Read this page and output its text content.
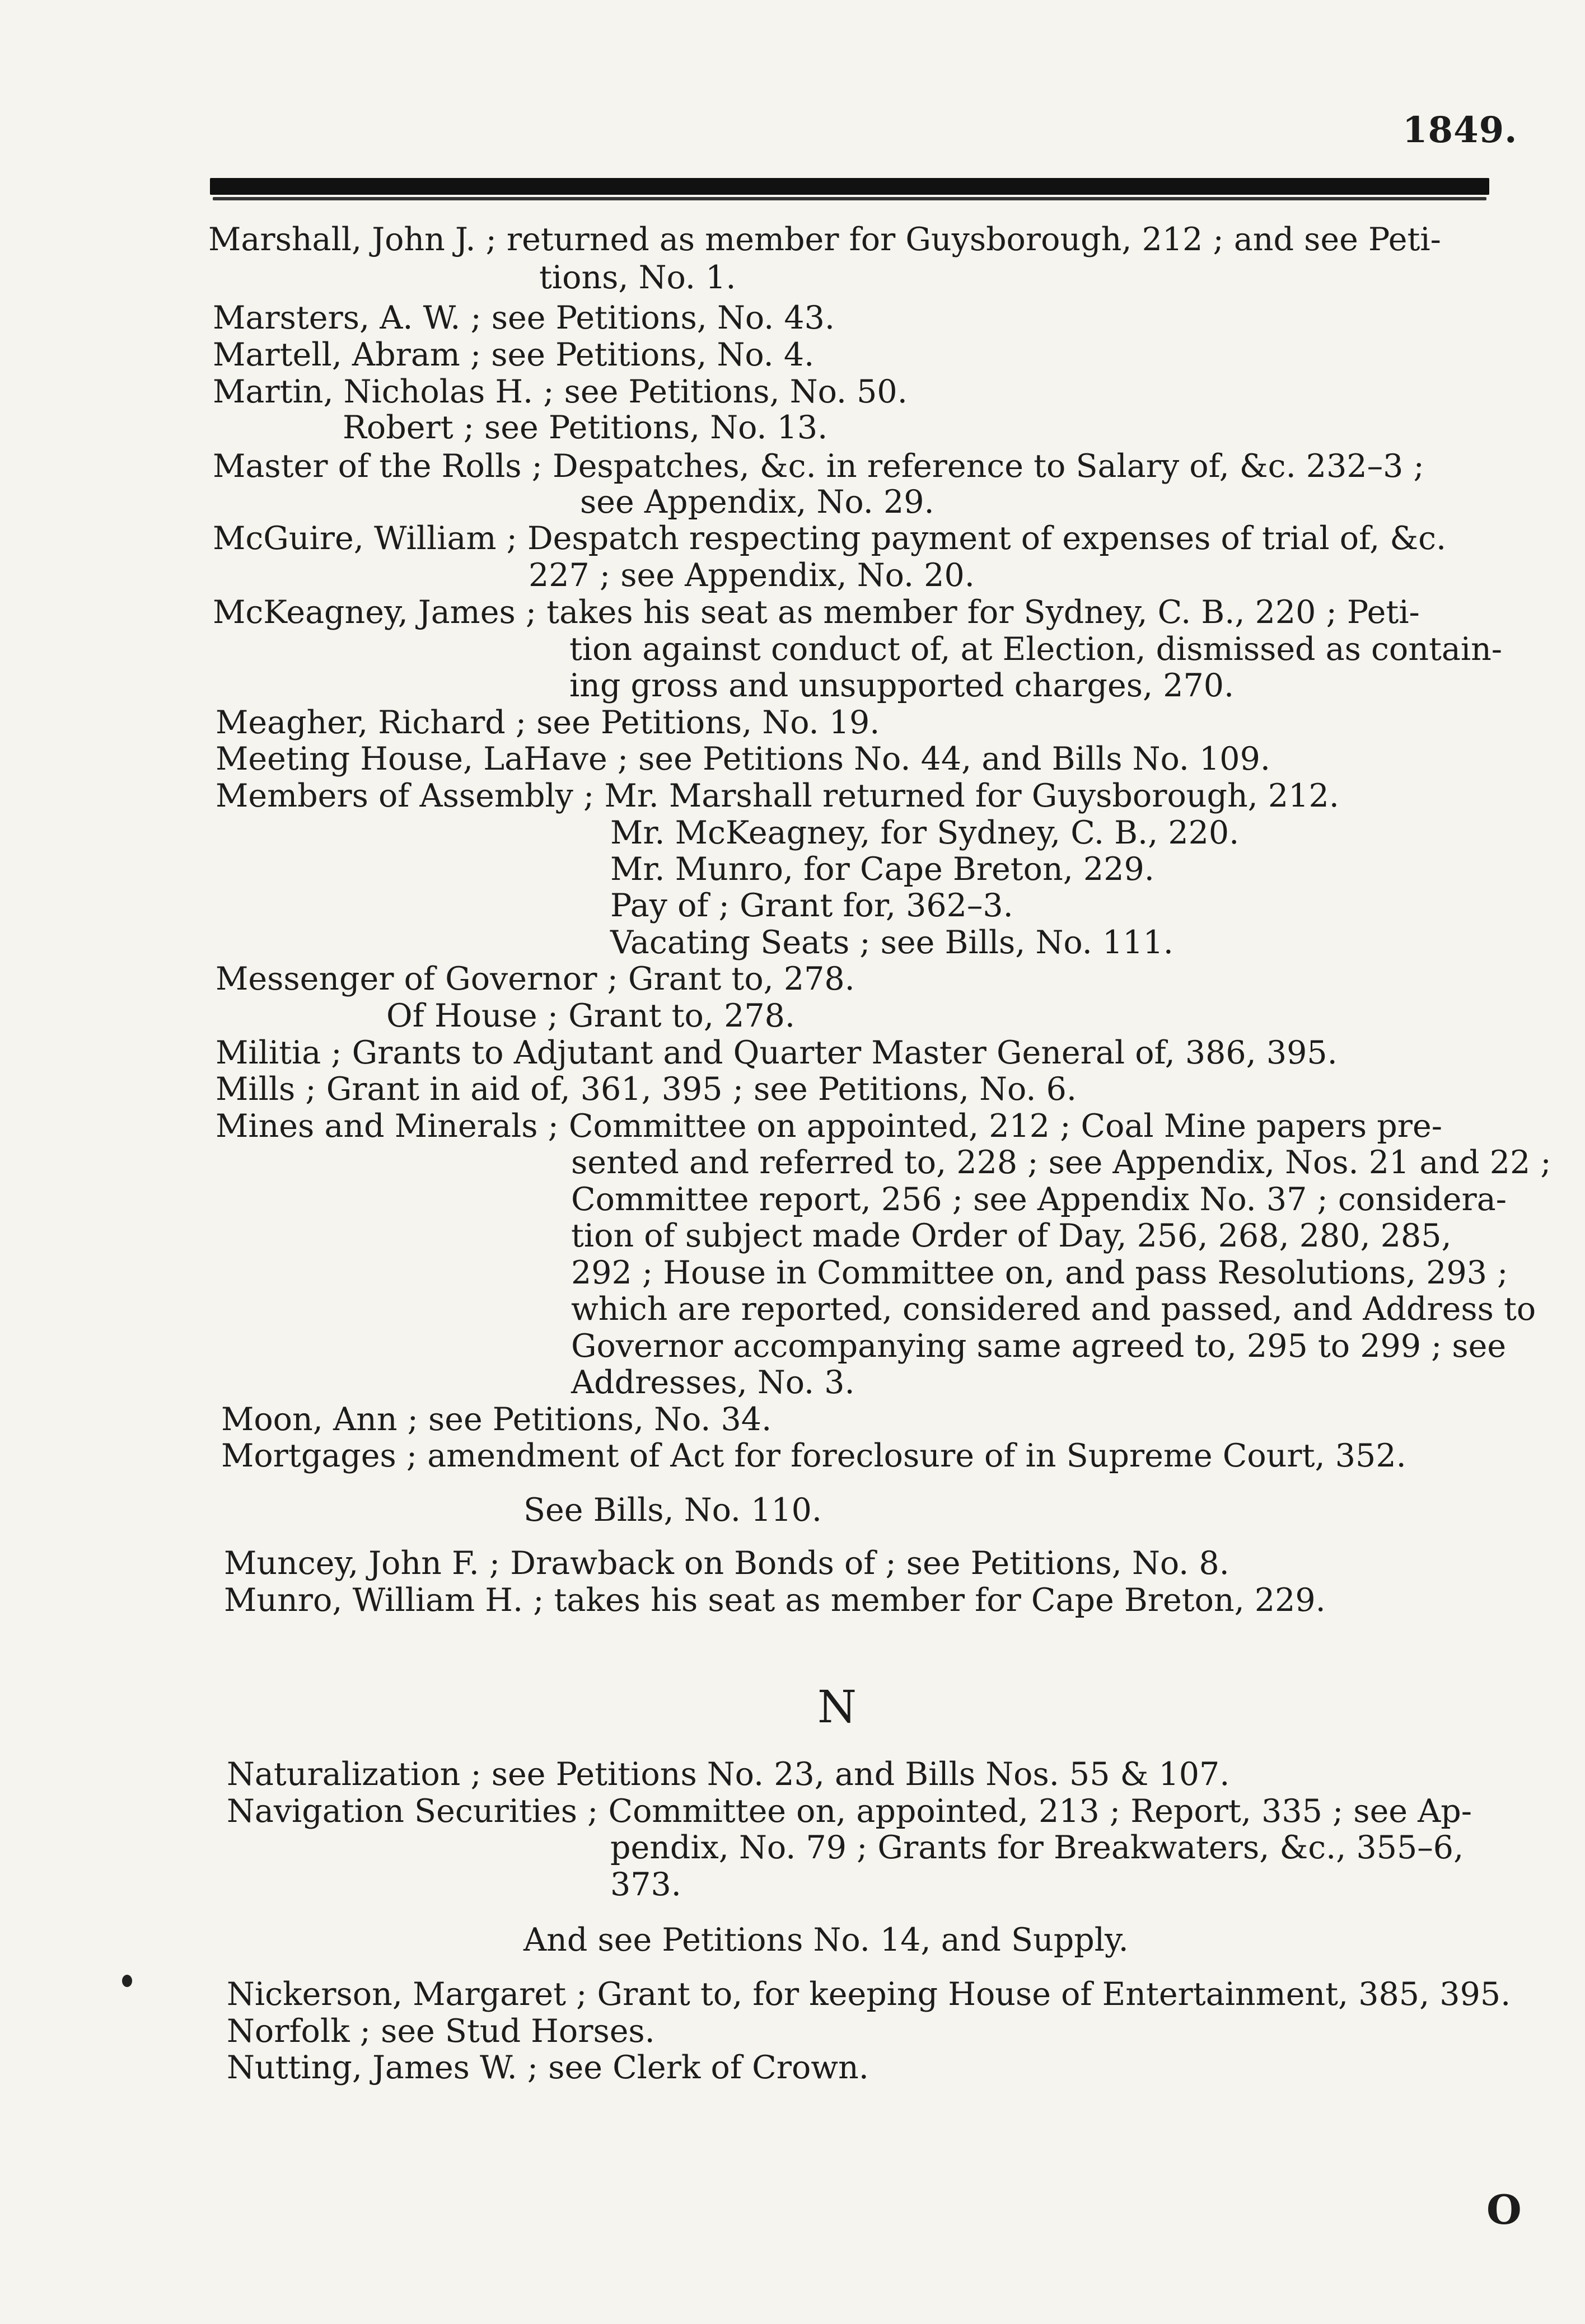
1849.
Marshall, John J. ; returned as member for Guysborough, 212 ; and see Peti-
tions, No. 1.
Marsters, A. W. ; see Petitions, No. 43.
Martell, Abram ; see Petitions, No. 4.
Martin, Nicholas H. ; see Petitions, No. 50.
Robert ; see Petitions, No. 13.
Master of the Rolls ; Despatches, &c. in reference to Salary of, &c. 232–3 ;
see Appendix, No. 29.
McGuire, William ; Despatch respecting payment of expenses of trial of, &c.
227 ; see Appendix, No. 20.
McKeagney, James ; takes his seat as member for Sydney, C. B., 220 ; Peti-
tion against conduct of, at Election, dismissed as contain-
ing gross and unsupported charges, 270.
Meagher, Richard ; see Petitions, No. 19.
Meeting House, LaHave ; see Petitions No. 44, and Bills No. 109.
Members of Assembly ; Mr. Marshall returned for Guysborough, 212.
Mr. McKeagney, for Sydney, C. B., 220.
Mr. Munro, for Cape Breton, 229.
Pay of ; Grant for, 362–3.
Vacating Seats ; see Bills, No. 111.
Messenger of Governor ; Grant to, 278.
Of House ; Grant to, 278.
Militia ; Grants to Adjutant and Quarter Master General of, 386, 395.
Mills ; Grant in aid of, 361, 395 ; see Petitions, No. 6.
Mines and Minerals ; Committee on appointed, 212 ; Coal Mine papers pre-
sented and referred to, 228 ; see Appendix, Nos. 21 and 22 ;
Committee report, 256 ; see Appendix No. 37 ; considera-
tion of subject made Order of Day, 256, 268, 280, 285,
292 ; House in Committee on, and pass Resolutions, 293 ;
which are reported, considered and passed, and Address to
Governor accompanying same agreed to, 295 to 299 ; see
Addresses, No. 3.
Moon, Ann ; see Petitions, No. 34.
Mortgages ; amendment of Act for foreclosure of in Supreme Court, 352.
See Bills, No. 110.
Muncey, John F. ; Drawback on Bonds of ; see Petitions, No. 8.
Munro, William H. ; takes his seat as member for Cape Breton, 229.
N
Naturalization ; see Petitions No. 23, and Bills Nos. 55 & 107.
Navigation Securities ; Committee on, appointed, 213 ; Report, 335 ; see Ap-
pendix, No. 79 ; Grants for Breakwaters, &c., 355–6,
373.
And see Petitions No. 14, and Supply.
Nickerson, Margaret ; Grant to, for keeping House of Entertainment, 385, 395.
Norfolk ; see Stud Horses.
Nutting, James W. ; see Clerk of Crown.
O
